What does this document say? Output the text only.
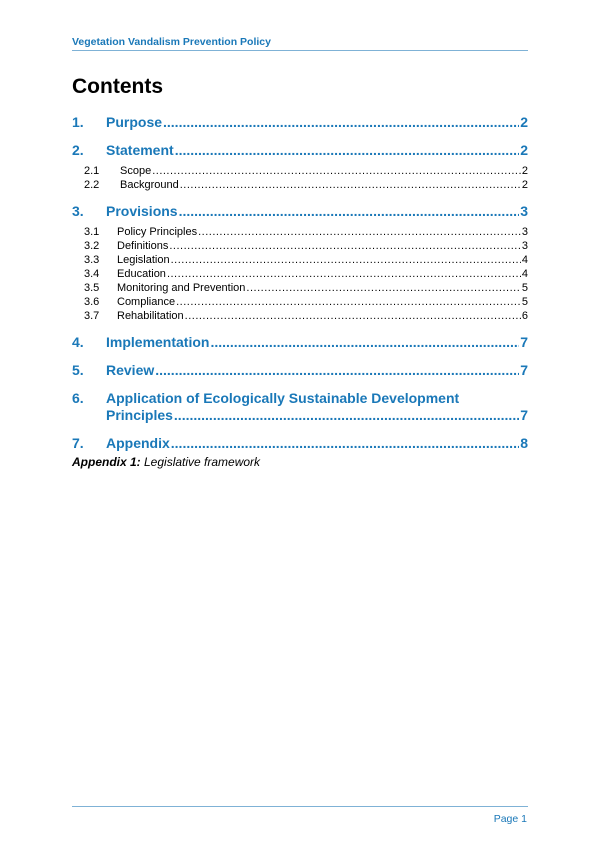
Vegetation Vandalism Prevention Policy
Contents
1.	Purpose .....	2
2.	Statement .....	2
2.1	Scope .....	2
2.2	Background .....	2
3.	Provisions .....	3
3.1	Policy Principles .....	3
3.2	Definitions .....	3
3.3	Legislation .....	4
3.4	Education .....	4
3.5	Monitoring and Prevention .....	5
3.6	Compliance .....	5
3.7	Rehabilitation .....	6
4.	Implementation .....	7
5.	Review .....	7
6.	Application of Ecologically Sustainable Development
Principles .....	7
7.	Appendix .....	8
Appendix 1: Legislative framework
Page 1
